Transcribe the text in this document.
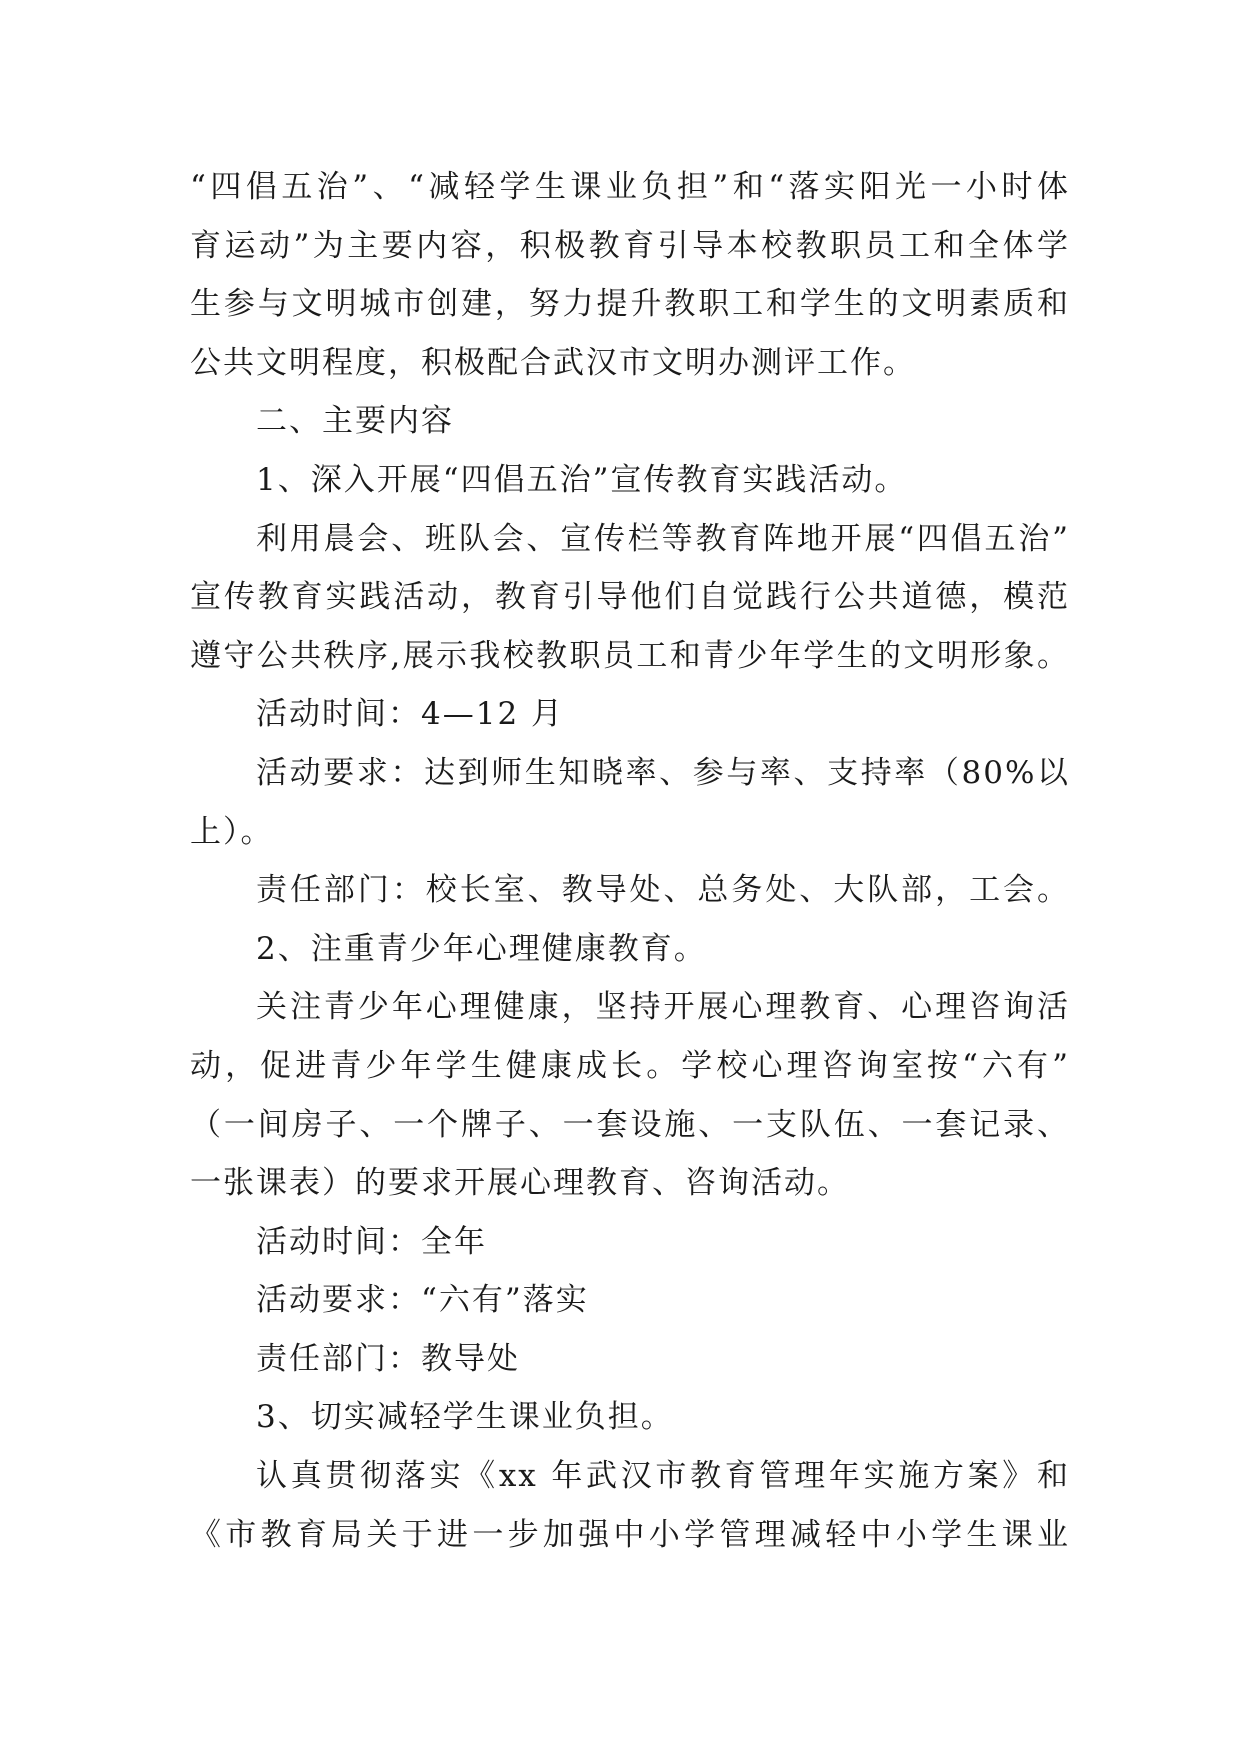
“四倡五治”、“减轻学生课业负担”和“落实阳光一小时体
育运动”为主要内容，积极教育引导本校教职员工和全体学
生参与文明城市创建，努力提升教职工和学生的文明素质和
公共文明程度，积极配合武汉市文明办测评工作。
二、主要内容
1、深入开展“四倡五治”宣传教育实践活动。
利用晨会、班队会、宣传栏等教育阵地开展“四倡五治”
宣传教育实践活动，教育引导他们自觉践行公共道德，模范
遵守公共秩序,展示我校教职员工和青少年学生的文明形象。
活动时间：4—12 月
活动要求：达到师生知晓率、参与率、支持率（80%以
上）。
责任部门：校长室、教导处、总务处、大队部，工会。
2、注重青少年心理健康教育。
关注青少年心理健康，坚持开展心理教育、心理咨询活
动，促进青少年学生健康成长。学校心理咨询室按“六有”
（一间房子、一个牌子、一套设施、一支队伍、一套记录、
一张课表）的要求开展心理教育、咨询活动。
活动时间：全年
活动要求：“六有”落实
责任部门：教导处
3、切实减轻学生课业负担。
认真贯彻落实《xx 年武汉市教育管理年实施方案》和
《市教育局关于进一步加强中小学管理减轻中小学生课业
